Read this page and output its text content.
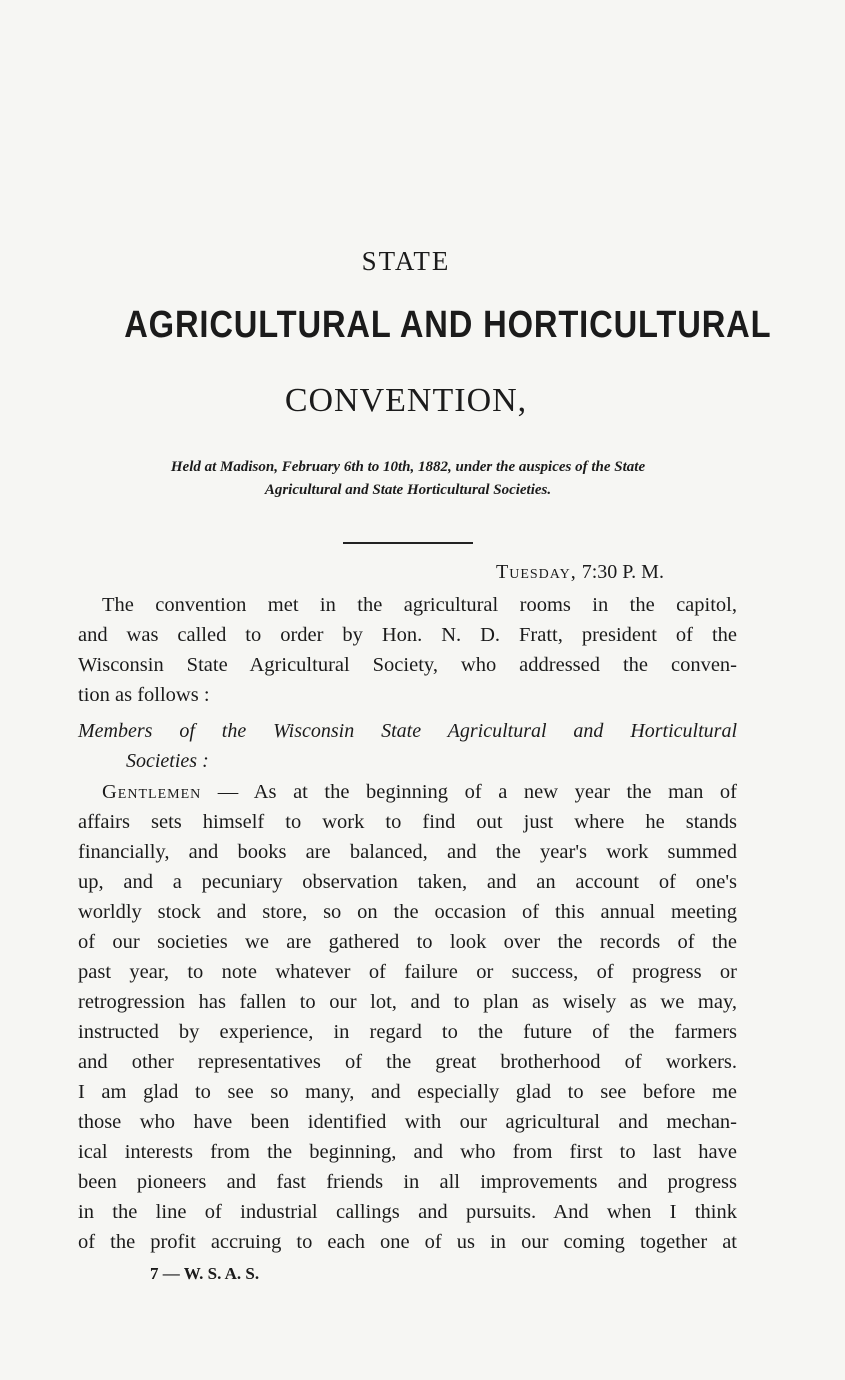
STATE
AGRICULTURAL AND HORTICULTURAL
CONVENTION,
Held at Madison, February 6th to 10th, 1882, under the auspices of the State
Agricultural and State Horticultural Societies.
Tuesday, 7:30 P. M.
The convention met in the agricultural rooms in the capitol,
and was called to order by Hon. N. D. Fratt, president of the
Wisconsin State Agricultural Society, who addressed the conven-
tion as follows :
Members of the Wisconsin State Agricultural and Horticultural
Societies :
Gentlemen — As at the beginning of a new year the man of
affairs sets himself to work to find out just where he stands
financially, and books are balanced, and the year's work summed
up, and a pecuniary observation taken, and an account of one's
worldly stock and store, so on the occasion of this annual meeting
of our societies we are gathered to look over the records of the
past year, to note whatever of failure or success, of progress or
retrogression has fallen to our lot, and to plan as wisely as we may,
instructed by experience, in regard to the future of the farmers
and other representatives of the great brotherhood of workers.
I am glad to see so many, and especially glad to see before me
those who have been identified with our agricultural and mechan-
ical interests from the beginning, and who from first to last have
been pioneers and fast friends in all improvements and progress
in the line of industrial callings and pursuits. And when I think
of the profit accruing to each one of us in our coming together at
7 — W. S. A. S.
